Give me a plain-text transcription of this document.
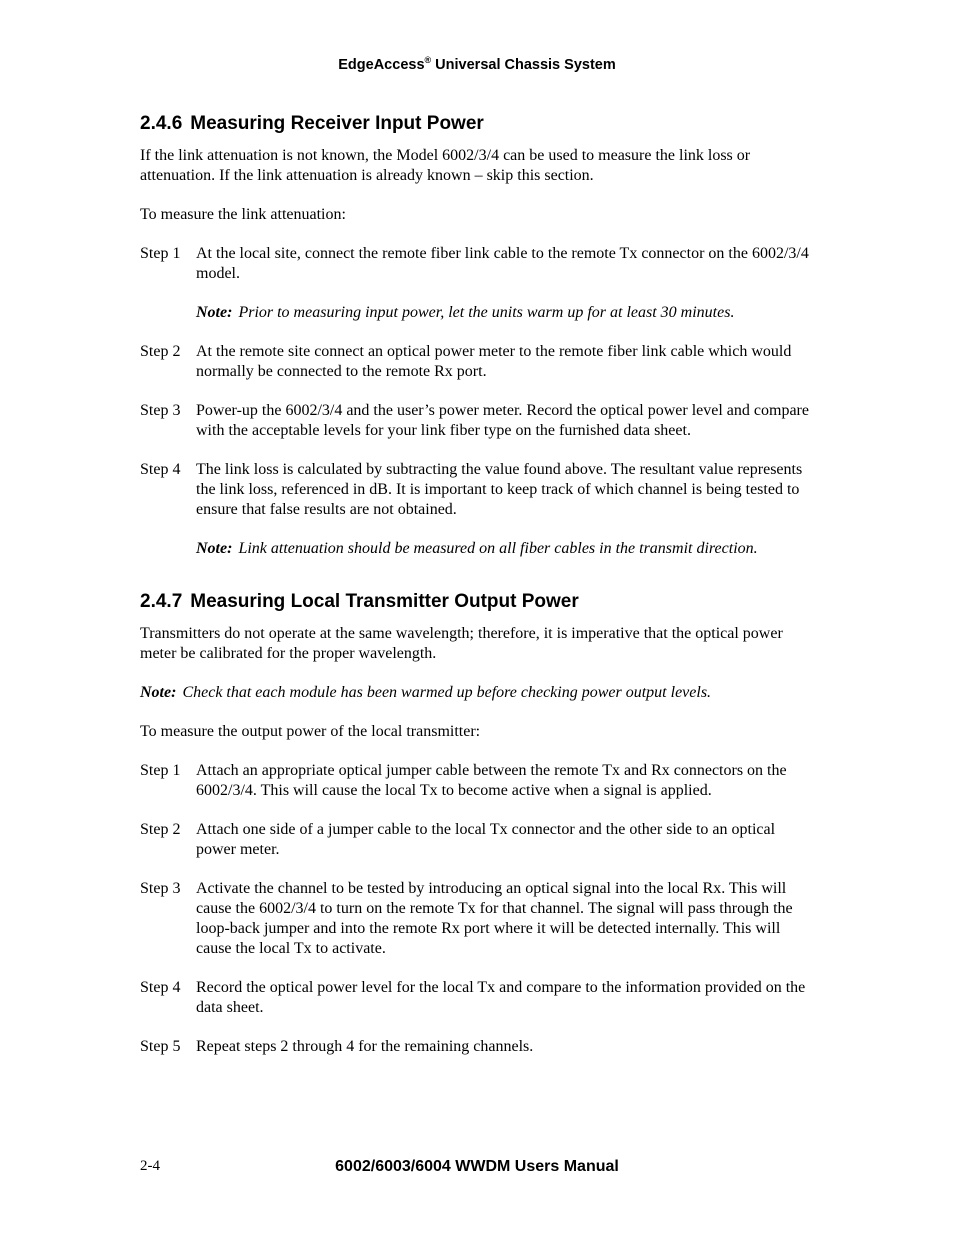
EdgeAccess® Universal Chassis System
2.4.6 Measuring Receiver Input Power

If the link attenuation is not known, the Model 6002/3/4 can be used to measure the link loss or attenuation. If the link attenuation is already known – skip this section.

To measure the link attenuation:

Step 1 At the local site, connect the remote fiber link cable to the remote Tx connector on the 6002/3/4 model.
Note: Prior to measuring input power, let the units warm up for at least 30 minutes.
Step 2 At the remote site connect an optical power meter to the remote fiber link cable which would normally be connected to the remote Rx port.
Step 3 Power-up the 6002/3/4 and the user’s power meter. Record the optical power level and compare with the acceptable levels for your link fiber type on the furnished data sheet.
Step 4 The link loss is calculated by subtracting the value found above. The resultant value represents the link loss, referenced in dB. It is important to keep track of which channel is being tested to ensure that false results are not obtained.
Note: Link attenuation should be measured on all fiber cables in the transmit direction.
2.4.7 Measuring Local Transmitter Output Power

Transmitters do not operate at the same wavelength; therefore, it is imperative that the optical power meter be calibrated for the proper wavelength.

Note: Check that each module has been warmed up before checking power output levels.

To measure the output power of the local transmitter:

Step 1 Attach an appropriate optical jumper cable between the remote Tx and Rx connectors on the 6002/3/4. This will cause the local Tx to become active when a signal is applied.
Step 2 Attach one side of a jumper cable to the local Tx connector and the other side to an optical power meter.
Step 3 Activate the channel to be tested by introducing an optical signal into the local Rx. This will cause the 6002/3/4 to turn on the remote Tx for that channel. The signal will pass through the loop-back jumper and into the remote Rx port where it will be detected internally. This will cause the local Tx to activate.
Step 4 Record the optical power level for the local Tx and compare to the information provided on the data sheet.
Step 5 Repeat steps 2 through 4 for the remaining channels.
2-4	6002/6003/6004 WWDM Users Manual
